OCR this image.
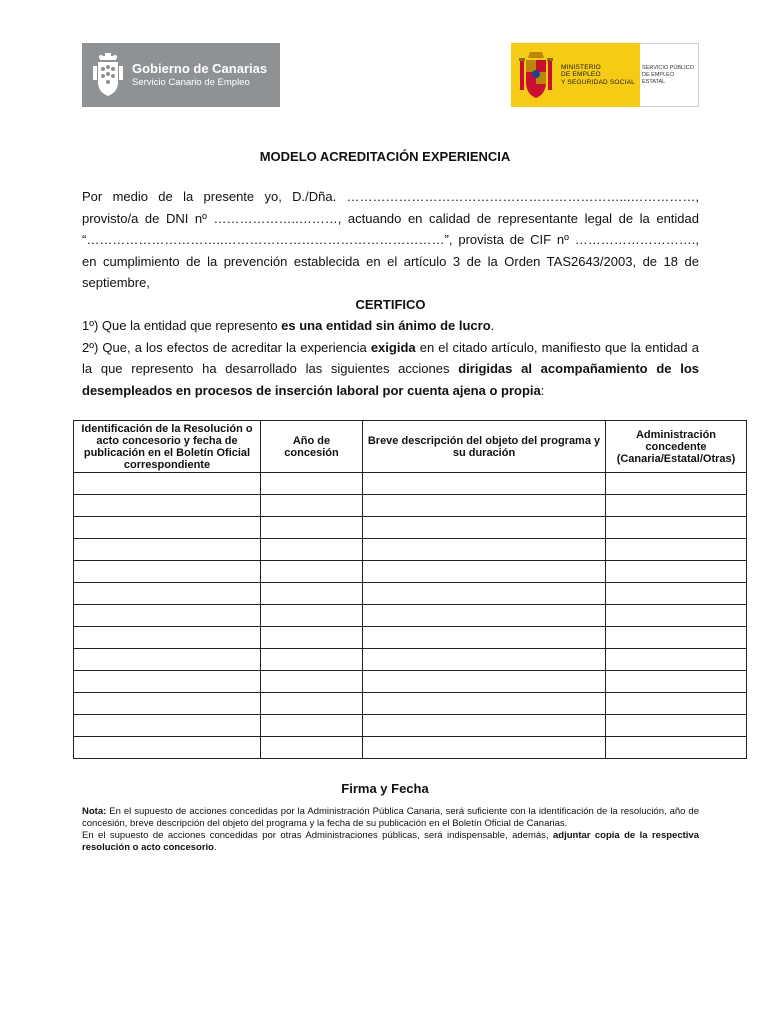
Gobierno de Canarias
Servicio Canario de Empleo
MINISTERIO
DE EMPLEO
Y SEGURIDAD SOCIAL
SERVICIO PÚBLICO
DE EMPLEO ESTATAL
MODELO ACREDITACIÓN EXPERIENCIA

Por medio de la presente yo, D./Dña. ………………………………………………………...……………, provisto/a de DNI nº ………………..………, actuando en calidad de representante legal de la entidad “…………………………..……………………………………………”, provista de CIF nº ………………………., en cumplimiento de la prevención establecida en el artículo 3 de la Orden TAS2643/2003, de 18 de septiembre,

CERTIFICO

1º) Que la entidad que represento es una entidad sin ánimo de lucro.

2º) Que, a los efectos de acreditar la experiencia exigida en el citado artículo, manifiesto que la entidad a la que represento ha desarrollado las siguientes acciones dirigidas al acompañamiento de los desempleados en procesos de inserción laboral por cuenta ajena o propia:

Identificación de la Resolución o acto concesorio y fecha de publicación en el Boletín Oficial correspondiente	Año de concesión	Breve descripción del objeto del programa y su duración	Administración concedente (Canaria/Estatal/Otras)

Firma y Fecha

Nota: En el supuesto de acciones concedidas por la Administración Pública Canaria, será suficiente con la identificación de la resolución, año de concesión, breve descripción del objeto del programa y la fecha de su publicación en el Boletín Oficial de Canarias.

En el supuesto de acciones concedidas por otras Administraciones públicas, será indispensable, además, adjuntar copia de la respectiva resolución o acto concesorio.
